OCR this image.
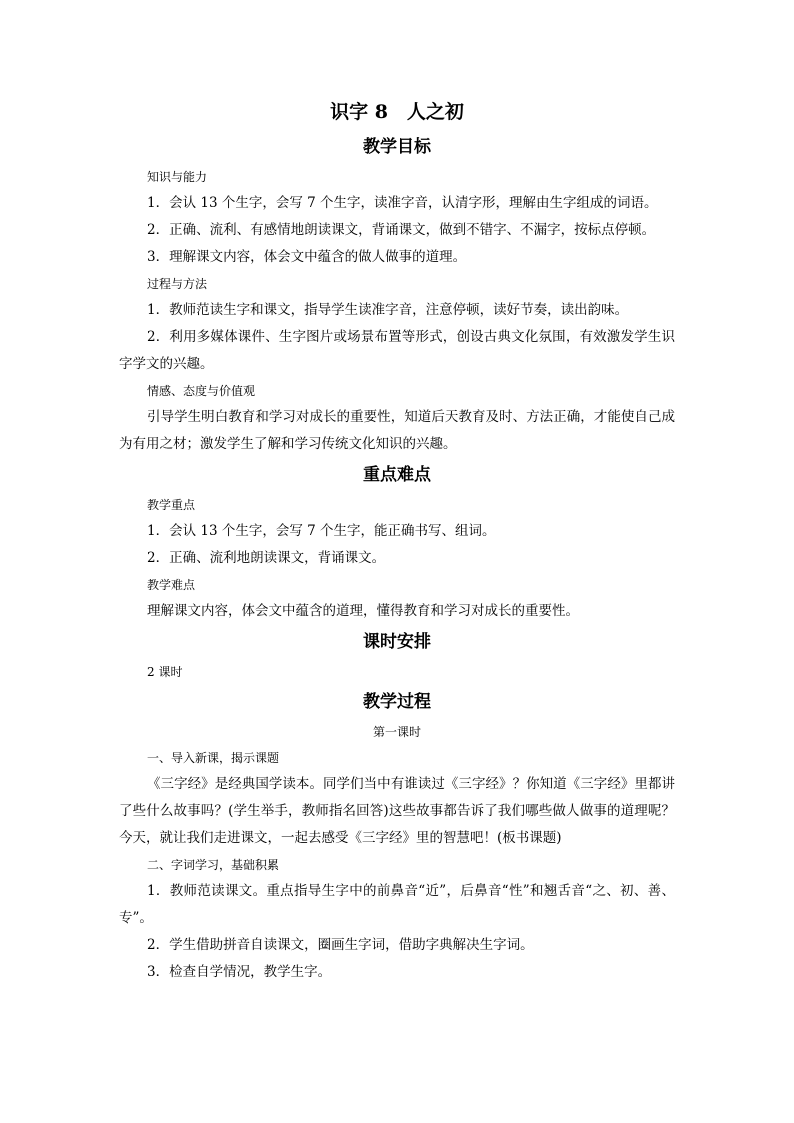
识字 8　人之初
教学目标
知识与能力

1．会认 13 个生字，会写 7 个生字，读准字音，认清字形，理解由生字组成的词语。

2．正确、流利、有感情地朗读课文，背诵课文，做到不错字、不漏字，按标点停顿。

3．理解课文内容，体会文中蕴含的做人做事的道理。

过程与方法

1．教师范读生字和课文，指导学生读准字音，注意停顿，读好节奏，读出韵味。

2．利用多媒体课件、生字图片或场景布置等形式，创设古典文化氛围，有效激发学生识字学文的兴趣。

情感、态度与价值观

引导学生明白教育和学习对成长的重要性，知道后天教育及时、方法正确，才能使自己成为有用之材；激发学生了解和学习传统文化知识的兴趣。

重点难点
教学重点

1．会认 13 个生字，会写 7 个生字，能正确书写、组词。

2．正确、流利地朗读课文，背诵课文。

教学难点

理解课文内容，体会文中蕴含的道理，懂得教育和学习对成长的重要性。

课时安排
2 课时
教学过程
第一课时
一、导入新课，揭示课题

《三字经》是经典国学读本。同学们当中有谁读过《三字经》？你知道《三字经》里都讲了些什么故事吗？(学生举手，教师指名回答)这些故事都告诉了我们哪些做人做事的道理呢？今天，就让我们走进课文，一起去感受《三字经》里的智慧吧！(板书课题)

二、字词学习，基础积累

1．教师范读课文。重点指导生字中的前鼻音“近”，后鼻音“性”和翘舌音“之、初、善、专”。

2．学生借助拼音自读课文，圈画生字词，借助字典解决生字词。

3．检查自学情况，教学生字。
